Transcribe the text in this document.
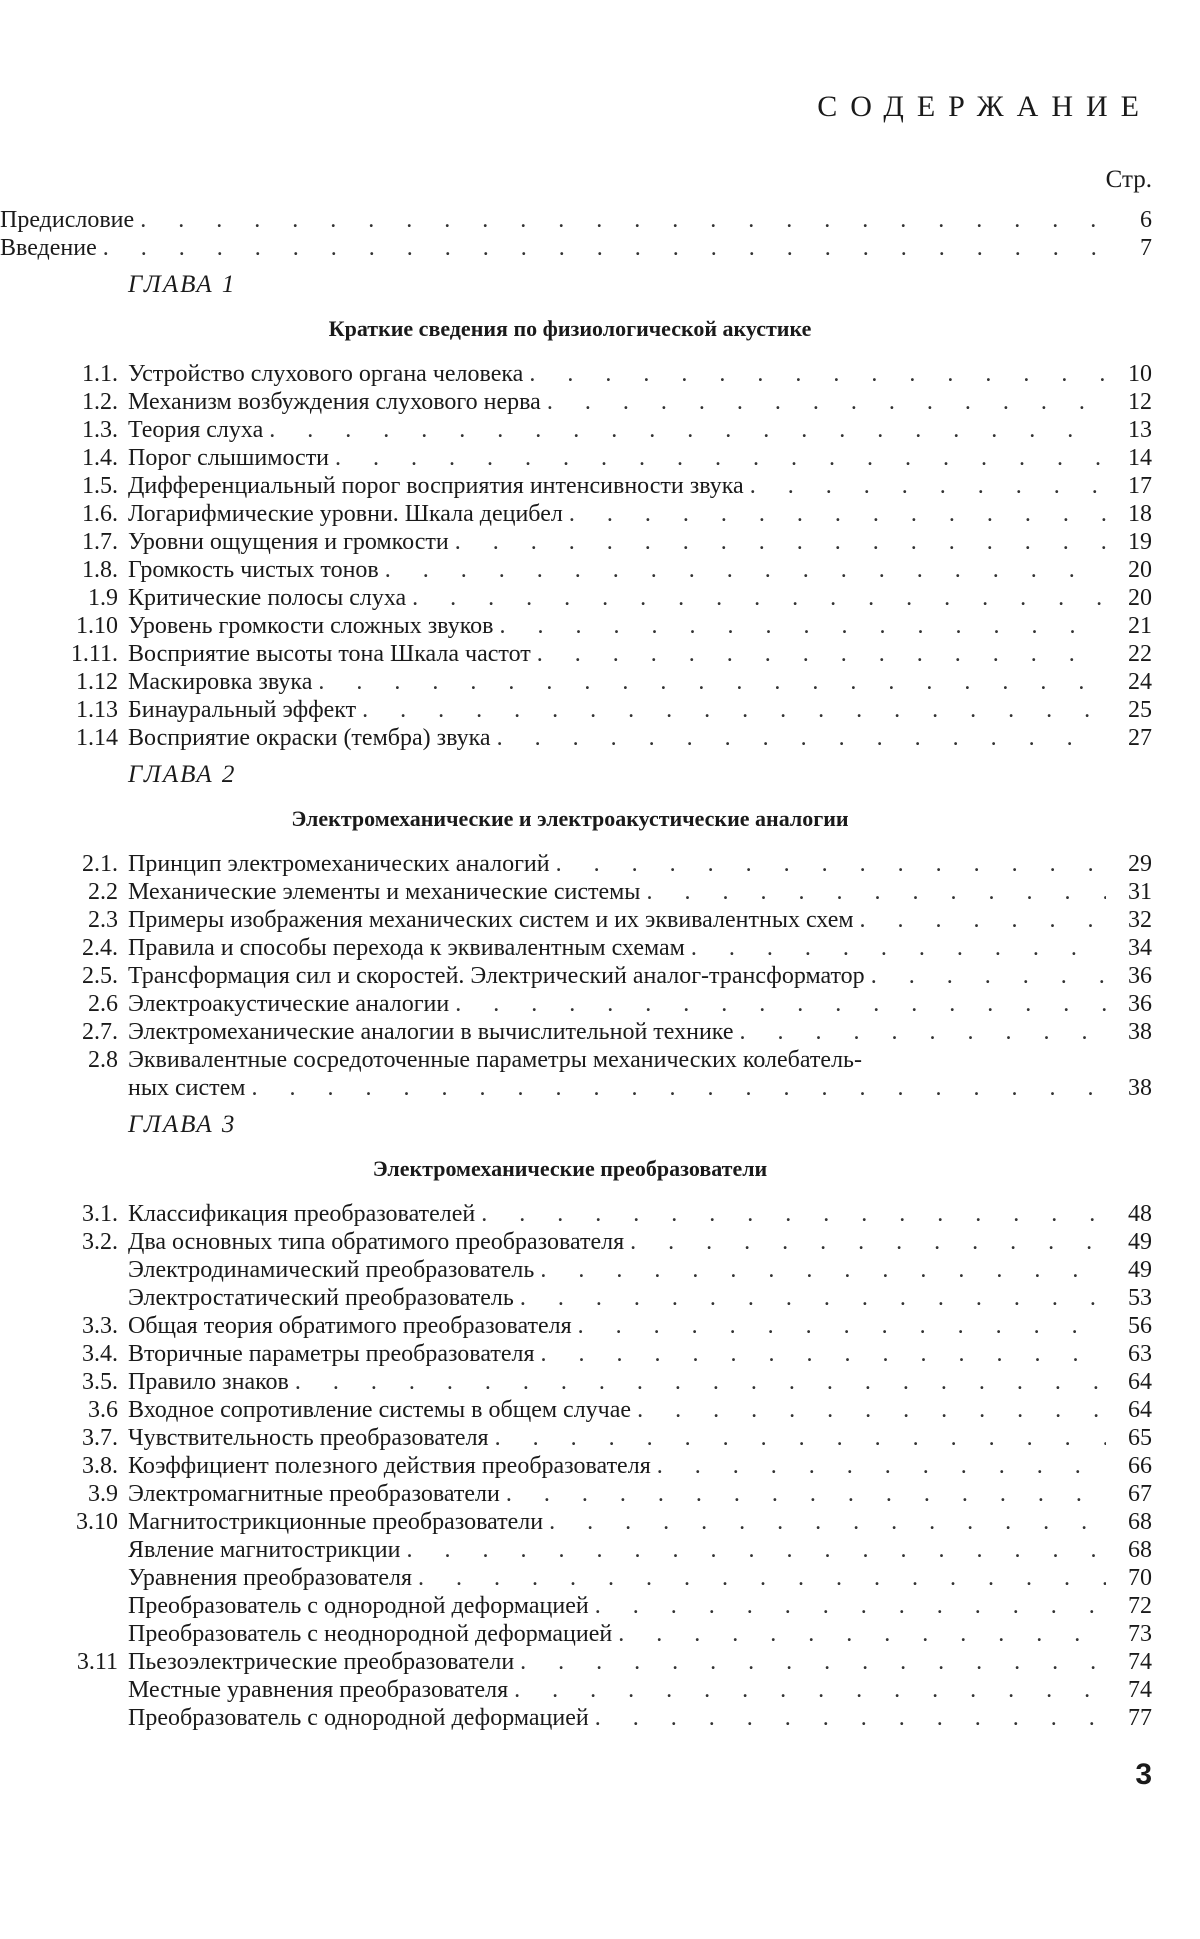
СОДЕРЖАНИЕ
Стр.
Предисловие . . .	6
Введение . . .	7
ГЛАВА 1
Краткие сведения по физиологической акустике
1.1. Устройство слухового органа человека . . .	10
1.2. Механизм возбуждения слухового нерва . . .	12
1.3. Теория слуха . . .	13
1.4. Порог слышимости . . .	14
1.5. Дифференциальный порог восприятия интенсивности звука . . .	17
1.6. Логарифмические уровни. Шкала децибел . . .	18
1.7. Уровни ощущения и громкости . . .	19
1.8. Громкость чистых тонов . . .	20
1.9 Критические полосы слуха . . .	20
1.10 Уровень громкости сложных звуков . . .	21
1.11. Восприятие высоты тона Шкала частот . . .	22
1.12 Маскировка звука . . .	24
1.13 Бинауральный эффект . . .	25
1.14 Восприятие окраски (тембра) звука . . .	27
ГЛАВА 2
Электромеханические и электроакустические аналогии
2.1. Принцип электромеханических аналогий . . .	29
2.2 Механические элементы и механические системы . . .	31
2.3 Примеры изображения механических систем и их эквивалентных схем . . .	32
2.4. Правила и способы перехода к эквивалентным схемам . . .	34
2.5. Трансформация сил и скоростей. Электрический аналог-трансформатор . . .	36
2.6 Электроакустические аналогии . . .	36
2.7. Электромеханические аналогии в вычислительной технике . . .	38
2.8 Эквивалентные сосредоточенные параметры механических колебатель-
ных систем . . .	38
ГЛАВА 3
Электромеханические преобразователи
3.1. Классификация преобразователей . . .	48
3.2. Два основных типа обратимого преобразователя . . .	49
Электродинамический преобразователь . . .	49
Электростатический преобразователь . . .	53
3.3. Общая теория обратимого преобразователя . . .	56
3.4. Вторичные параметры преобразователя . . .	63
3.5. Правило знаков . . .	64
3.6 Входное сопротивление системы в общем случае . . .	64
3.7. Чувствительность преобразователя . . .	65
3.8. Коэффициент полезного действия преобразователя . . .	66
3.9 Электромагнитные преобразователи . . .	67
3.10 Магнитострикционные преобразователи . . .	68
Явление магнитострикции . . .	68
Уравнения преобразователя . . .	70
Преобразователь с однородной деформацией . . .	72
Преобразователь с неоднородной деформацией . . .	73
3.11 Пьезоэлектрические преобразователи . . .	74
Местные уравнения преобразователя . . .	74
Преобразователь с однородной деформацией . . .	77
3
